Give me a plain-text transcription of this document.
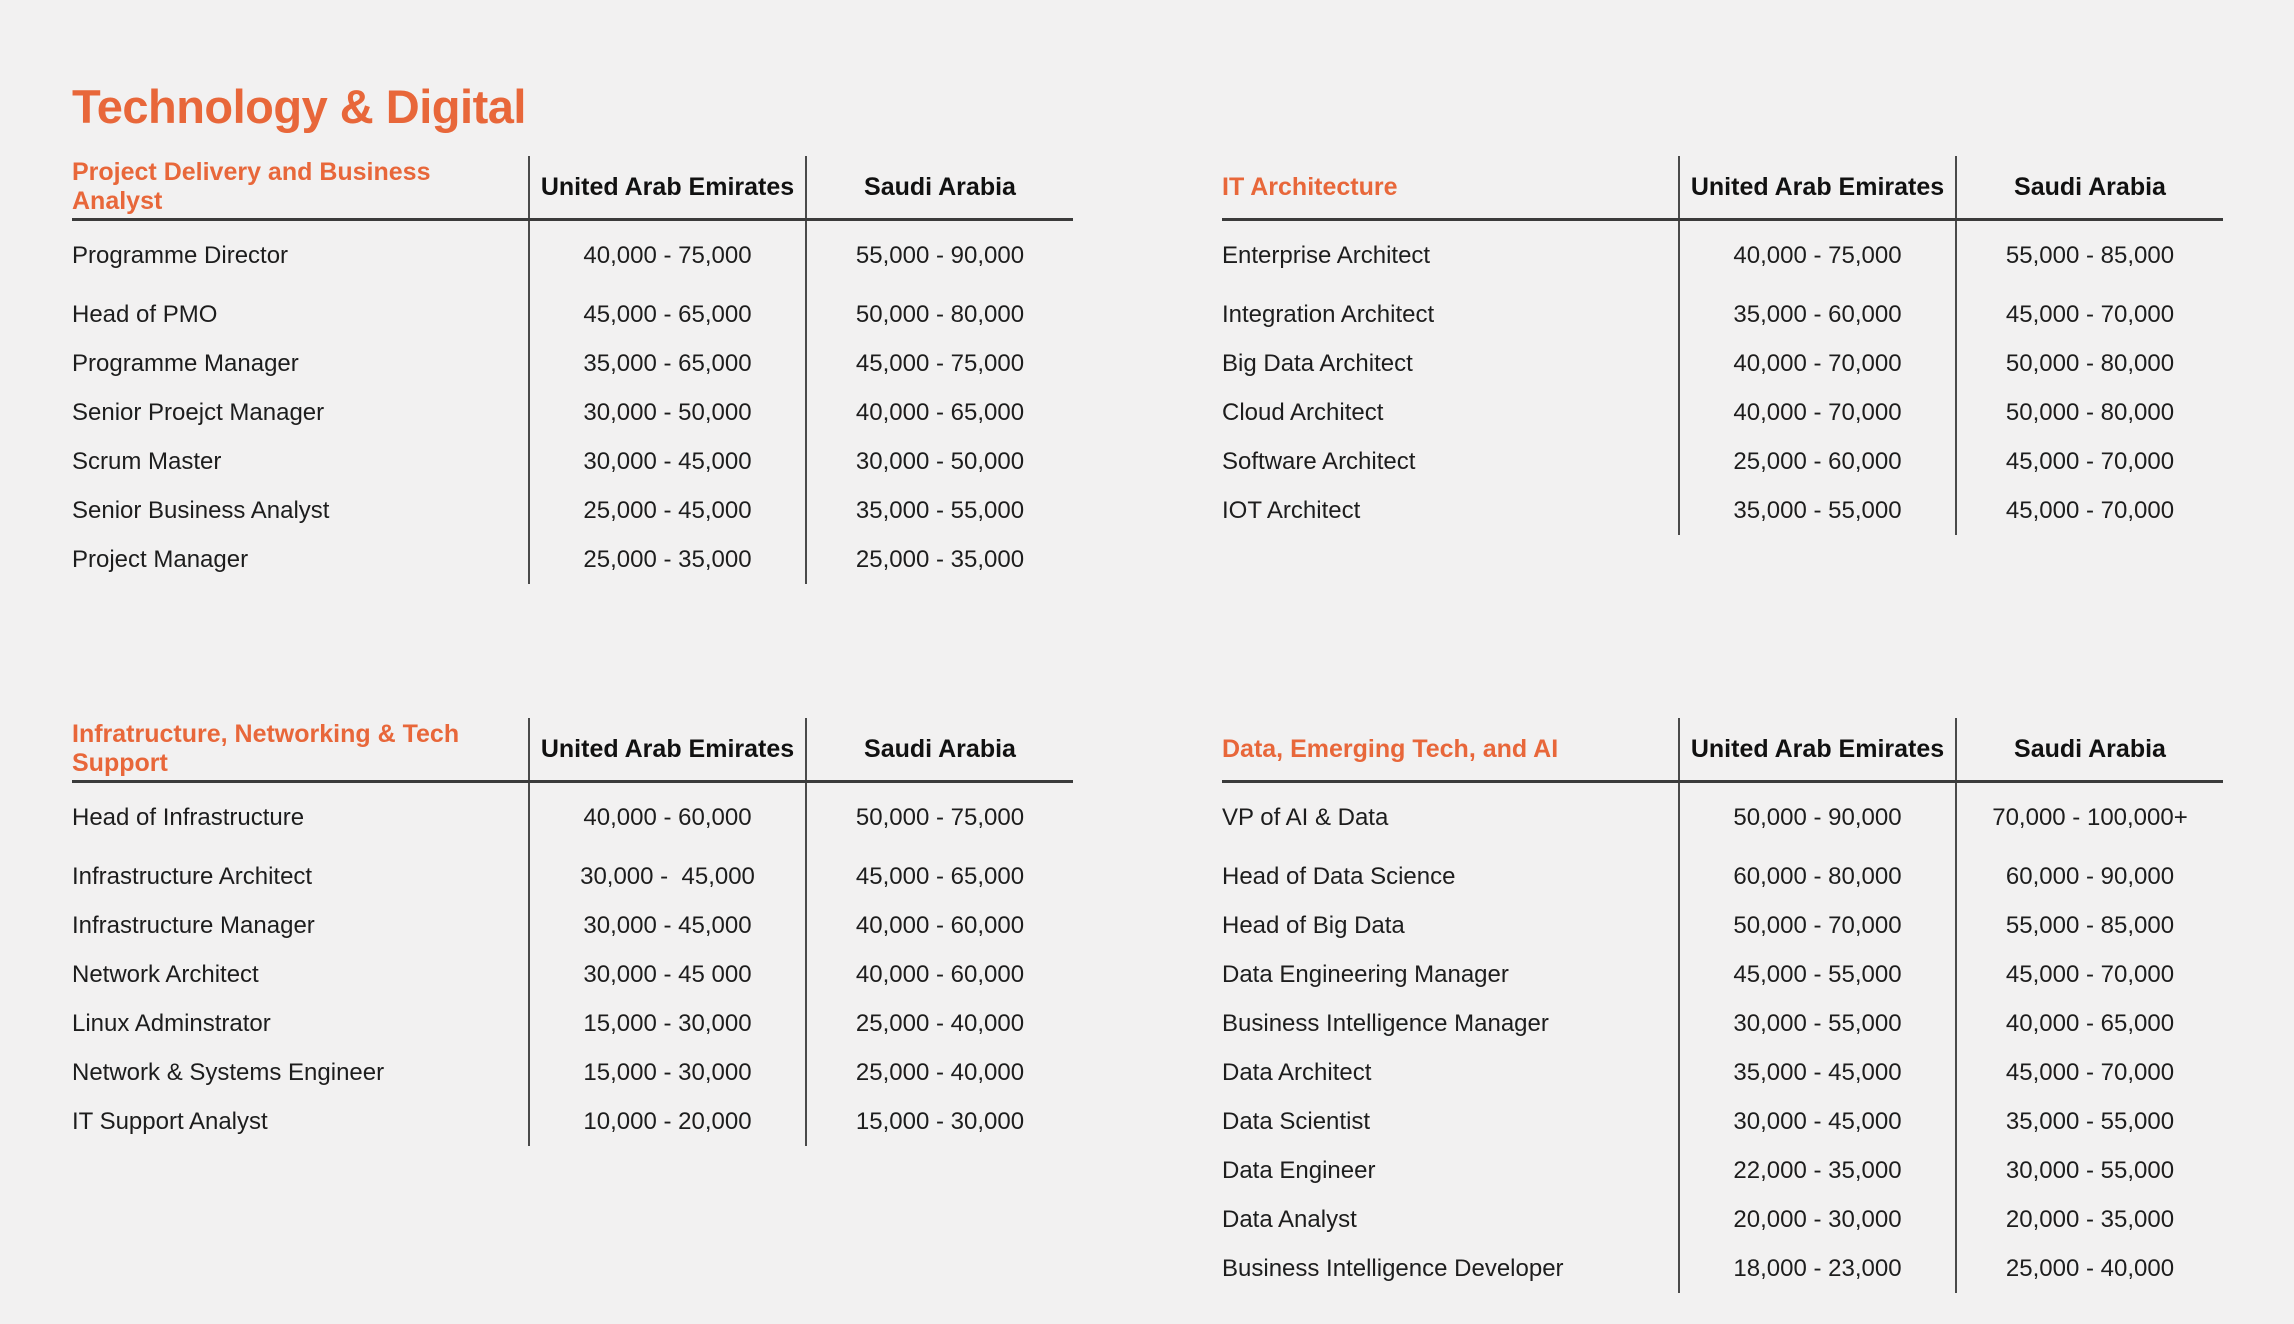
Technology & Digital
Project Delivery and Business Analyst
United Arab Emirates	Saudi Arabia
Programme Director	40,000 - 75,000	55,000 - 90,000
Head of PMO	45,000 - 65,000	50,000 - 80,000
Programme Manager	35,000 - 65,000	45,000 - 75,000
Senior Proejct Manager	30,000 - 50,000	40,000 - 65,000
Scrum Master	30,000 - 45,000	30,000 - 50,000
Senior Business Analyst	25,000 - 45,000	35,000 - 55,000
Project Manager	25,000 - 35,000	25,000 - 35,000
IT Architecture	United Arab Emirates	Saudi Arabia
Enterprise Architect	40,000 - 75,000	55,000 - 85,000
Integration Architect	35,000 - 60,000	45,000 - 70,000
Big Data Architect	40,000 - 70,000	50,000 - 80,000
Cloud Architect	40,000 - 70,000	50,000 - 80,000
Software Architect	25,000 - 60,000	45,000 - 70,000
IOT Architect	35,000 - 55,000	45,000 - 70,000
Infratructure, Networking & Tech Support
United Arab Emirates	Saudi Arabia
Head of Infrastructure	40,000 - 60,000	50,000 - 75,000
Infrastructure Architect	30,000 -  45,000	45,000 - 65,000
Infrastructure Manager	30,000 - 45,000	40,000 - 60,000
Network Architect	30,000 - 45 000	40,000 - 60,000
Linux Adminstrator	15,000 - 30,000	25,000 - 40,000
Network & Systems Engineer	15,000 - 30,000	25,000 - 40,000
IT Support Analyst	10,000 - 20,000	15,000 - 30,000
Data, Emerging Tech, and AI	United Arab Emirates	Saudi Arabia
VP of AI & Data	50,000 - 90,000	70,000 - 100,000+
Head of Data Science	60,000 - 80,000	60,000 - 90,000
Head of Big Data	50,000 - 70,000	55,000 - 85,000
Data Engineering Manager	45,000 - 55,000	45,000 - 70,000
Business Intelligence Manager	30,000 - 55,000	40,000 - 65,000
Data Architect	35,000 - 45,000	45,000 - 70,000
Data Scientist	30,000 - 45,000	35,000 - 55,000
Data Engineer	22,000 - 35,000	30,000 - 55,000
Data Analyst	20,000 - 30,000	20,000 - 35,000
Business Intelligence Developer	18,000 - 23,000	25,000 - 40,000
